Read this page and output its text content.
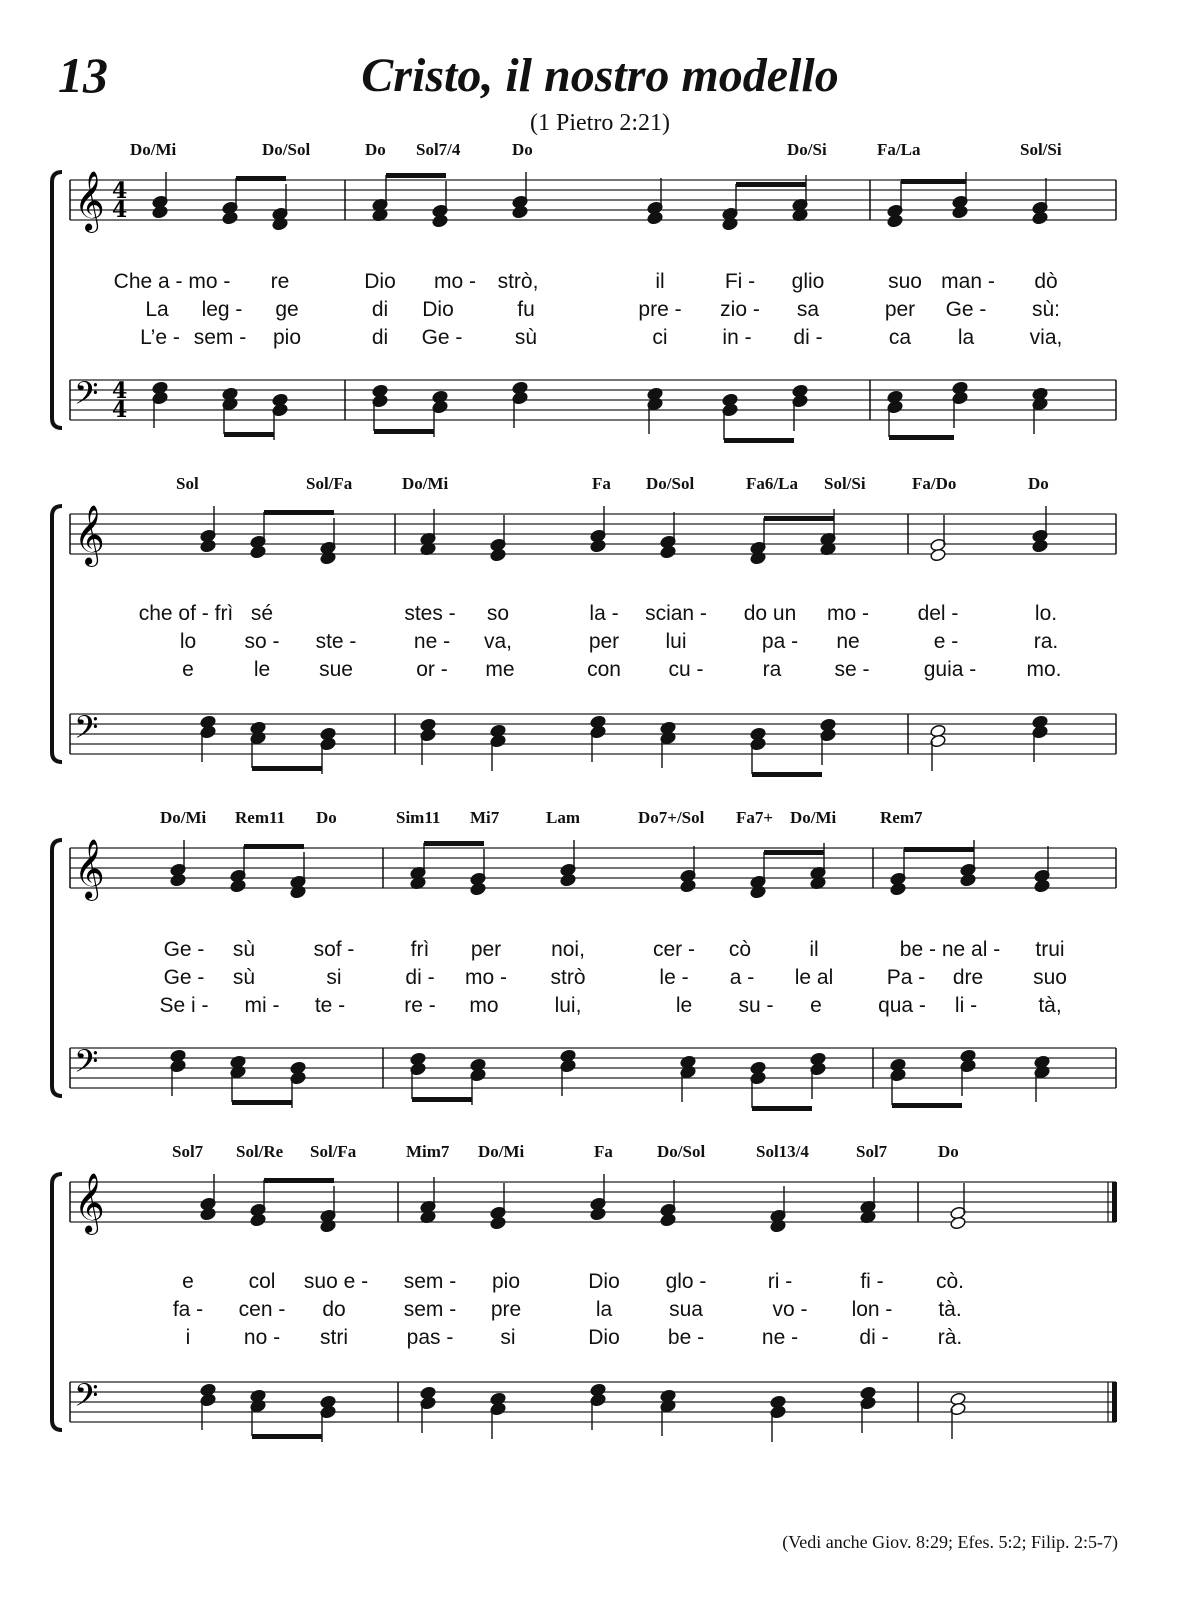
13	Cristo, il nostro modello
(1 Pietro 2:21)
Do/Mi	Do/Sol	Do Sol7/4	Do	Do/Si	Fa/La	Sol/Si
𝄞 4
4
𝄢 4
4
Che a - mo - re	Dio mo - strò,	il	Fi - glio	suo man - dò
La leg - ge	di Dio	fu	pre - zio - sa	per Ge - sù:
L’e - sem - pio	di Ge - sù	ci	in - di -	ca la	via,
Sol	Sol/Fa	Do/Mi	Fa Do/Sol	Fa6/La Sol/Si	Fa/Do	Do
𝄞
𝄢
che of - frì sé	stes - so	la - scian - do un mo - del -	lo.
lo so - ste -	ne - va,	per lui	pa - ne	e -	ra.
e	le sue	or - me	con cu -	ra	se -	guia - mo.
Do/Mi Rem11 Do	Sim11 Mi7	Lam	Do7+/Sol Fa7+ Do/Mi	Rem7
𝄞
𝄢
Ge - sù	sof -	frì per noi,	cer - cò	il	be - ne al - trui
Ge - sù	si	di - mo - strò	le - a - le al	Pa - dre suo
Se i - mi - te -	re - mo	lui,	le su - e	qua - li -	tà,
Sol7 Sol/Re Sol/Fa	Mim7 Do/Mi	Fa	Do/Sol	Sol13/4	Sol7	Do
𝄞
𝄢
e	col suo e - sem - pio	Dio glo -	ri -	fi - cò.
fa - cen - do	sem - pre	la	sua	vo - lon - tà.
i	no - stri	pas - si	Dio be -	ne -	di - rà.
(Vedi anche Giov. 8:29; Efes. 5:2; Filip. 2:5-7)
